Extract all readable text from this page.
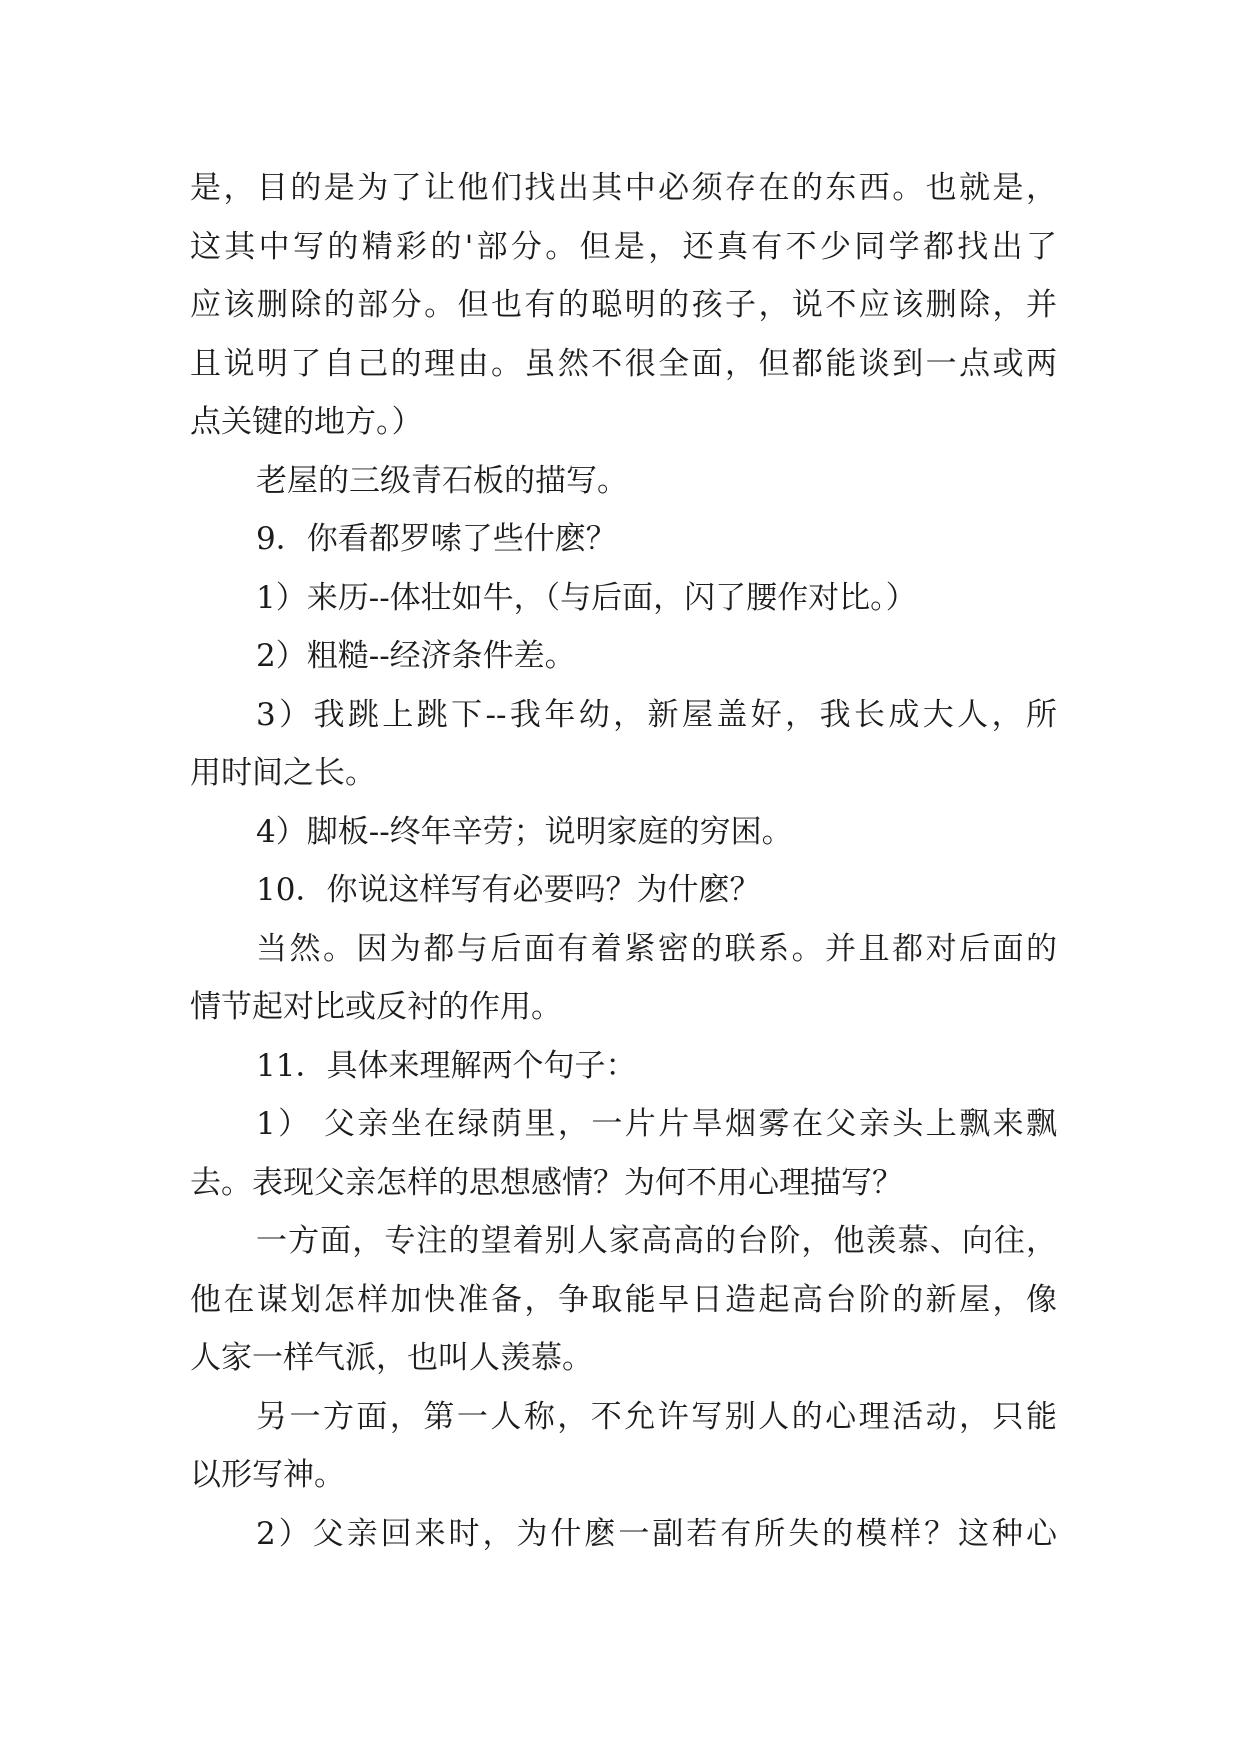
是，目的是为了让他们找出其中必须存在的东西。也就是，
这其中写的精彩的'部分。但是，还真有不少同学都找出了
应该删除的部分。但也有的聪明的孩子，说不应该删除，并
且说明了自己的理由。虽然不很全面，但都能谈到一点或两
点关键的地方。）
老屋的三级青石板的描写。
9．你看都罗嗦了些什麽？
1）来历--体壮如牛，（与后面，闪了腰作对比。）
2）粗糙--经济条件差。
3）我跳上跳下--我年幼，新屋盖好，我长成大人，所
用时间之长。
4）脚板--终年辛劳；说明家庭的穷困。
10．你说这样写有必要吗？为什麽？
当然。因为都与后面有着紧密的联系。并且都对后面的
情节起对比或反衬的作用。
11．具体来理解两个句子：
1） 父亲坐在绿荫里，一片片旱烟雾在父亲头上飘来飘
去。表现父亲怎样的思想感情？为何不用心理描写？
一方面，专注的望着别人家高高的台阶，他羡慕、向往，
他在谋划怎样加快准备，争取能早日造起高台阶的新屋，像
人家一样气派，也叫人羡慕。
另一方面，第一人称，不允许写别人的心理活动，只能
以形写神。
2）父亲回来时，为什麽一副若有所失的模样？这种心
